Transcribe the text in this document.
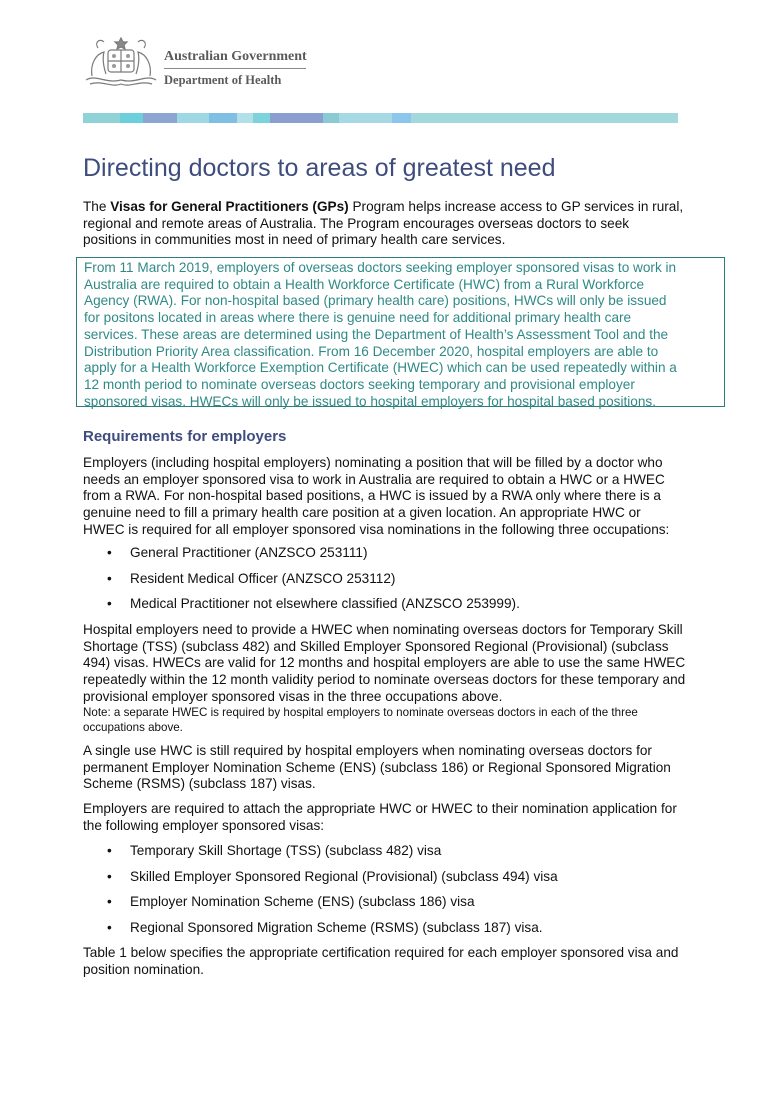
Australian Government
Department of Health
Directing doctors to areas of greatest need

The Visas for General Practitioners (GPs) Program helps increase access to GP services in rural,
regional and remote areas of Australia. The Program encourages overseas doctors to seek
positions in communities most in need of primary health care services.

From 11 March 2019, employers of overseas doctors seeking employer sponsored visas to work in
Australia are required to obtain a Health Workforce Certificate (HWC) from a Rural Workforce
Agency (RWA). For non-hospital based (primary health care) positions, HWCs will only be issued
for positons located in areas where there is genuine need for additional primary health care
services. These areas are determined using the Department of Health’s Assessment Tool and the
Distribution Priority Area classification. From 16 December 2020, hospital employers are able to
apply for a Health Workforce Exemption Certificate (HWEC) which can be used repeatedly within a
12 month period to nominate overseas doctors seeking temporary and provisional employer
sponsored visas. HWECs will only be issued to hospital employers for hospital based positions.
Requirements for employers
Employers (including hospital employers) nominating a position that will be filled by a doctor who
needs an employer sponsored visa to work in Australia are required to obtain a HWC or a HWEC
from a RWA. For non-hospital based positions, a HWC is issued by a RWA only where there is a
genuine need to fill a primary health care position at a given location. An appropriate HWC or
HWEC is required for all employer sponsored visa nominations in the following three occupations:
• General Practitioner (ANZSCO 253111)
• Resident Medical Officer (ANZSCO 253112)
• Medical Practitioner not elsewhere classified (ANZSCO 253999).
Hospital employers need to provide a HWEC when nominating overseas doctors for Temporary Skill
Shortage (TSS) (subclass 482) and Skilled Employer Sponsored Regional (Provisional) (subclass
494) visas. HWECs are valid for 12 months and hospital employers are able to use the same HWEC
repeatedly within the 12 month validity period to nominate overseas doctors for these temporary and
provisional employer sponsored visas in the three occupations above.
Note: a separate HWEC is required by hospital employers to nominate overseas doctors in each of the three
occupations above.
A single use HWC is still required by hospital employers when nominating overseas doctors for
permanent Employer Nomination Scheme (ENS) (subclass 186) or Regional Sponsored Migration
Scheme (RSMS) (subclass 187) visas.
Employers are required to attach the appropriate HWC or HWEC to their nomination application for
the following employer sponsored visas:
• Temporary Skill Shortage (TSS) (subclass 482) visa
• Skilled Employer Sponsored Regional (Provisional) (subclass 494) visa
• Employer Nomination Scheme (ENS) (subclass 186) visa
• Regional Sponsored Migration Scheme (RSMS) (subclass 187) visa.
Table 1 below specifies the appropriate certification required for each employer sponsored visa and
position nomination.
